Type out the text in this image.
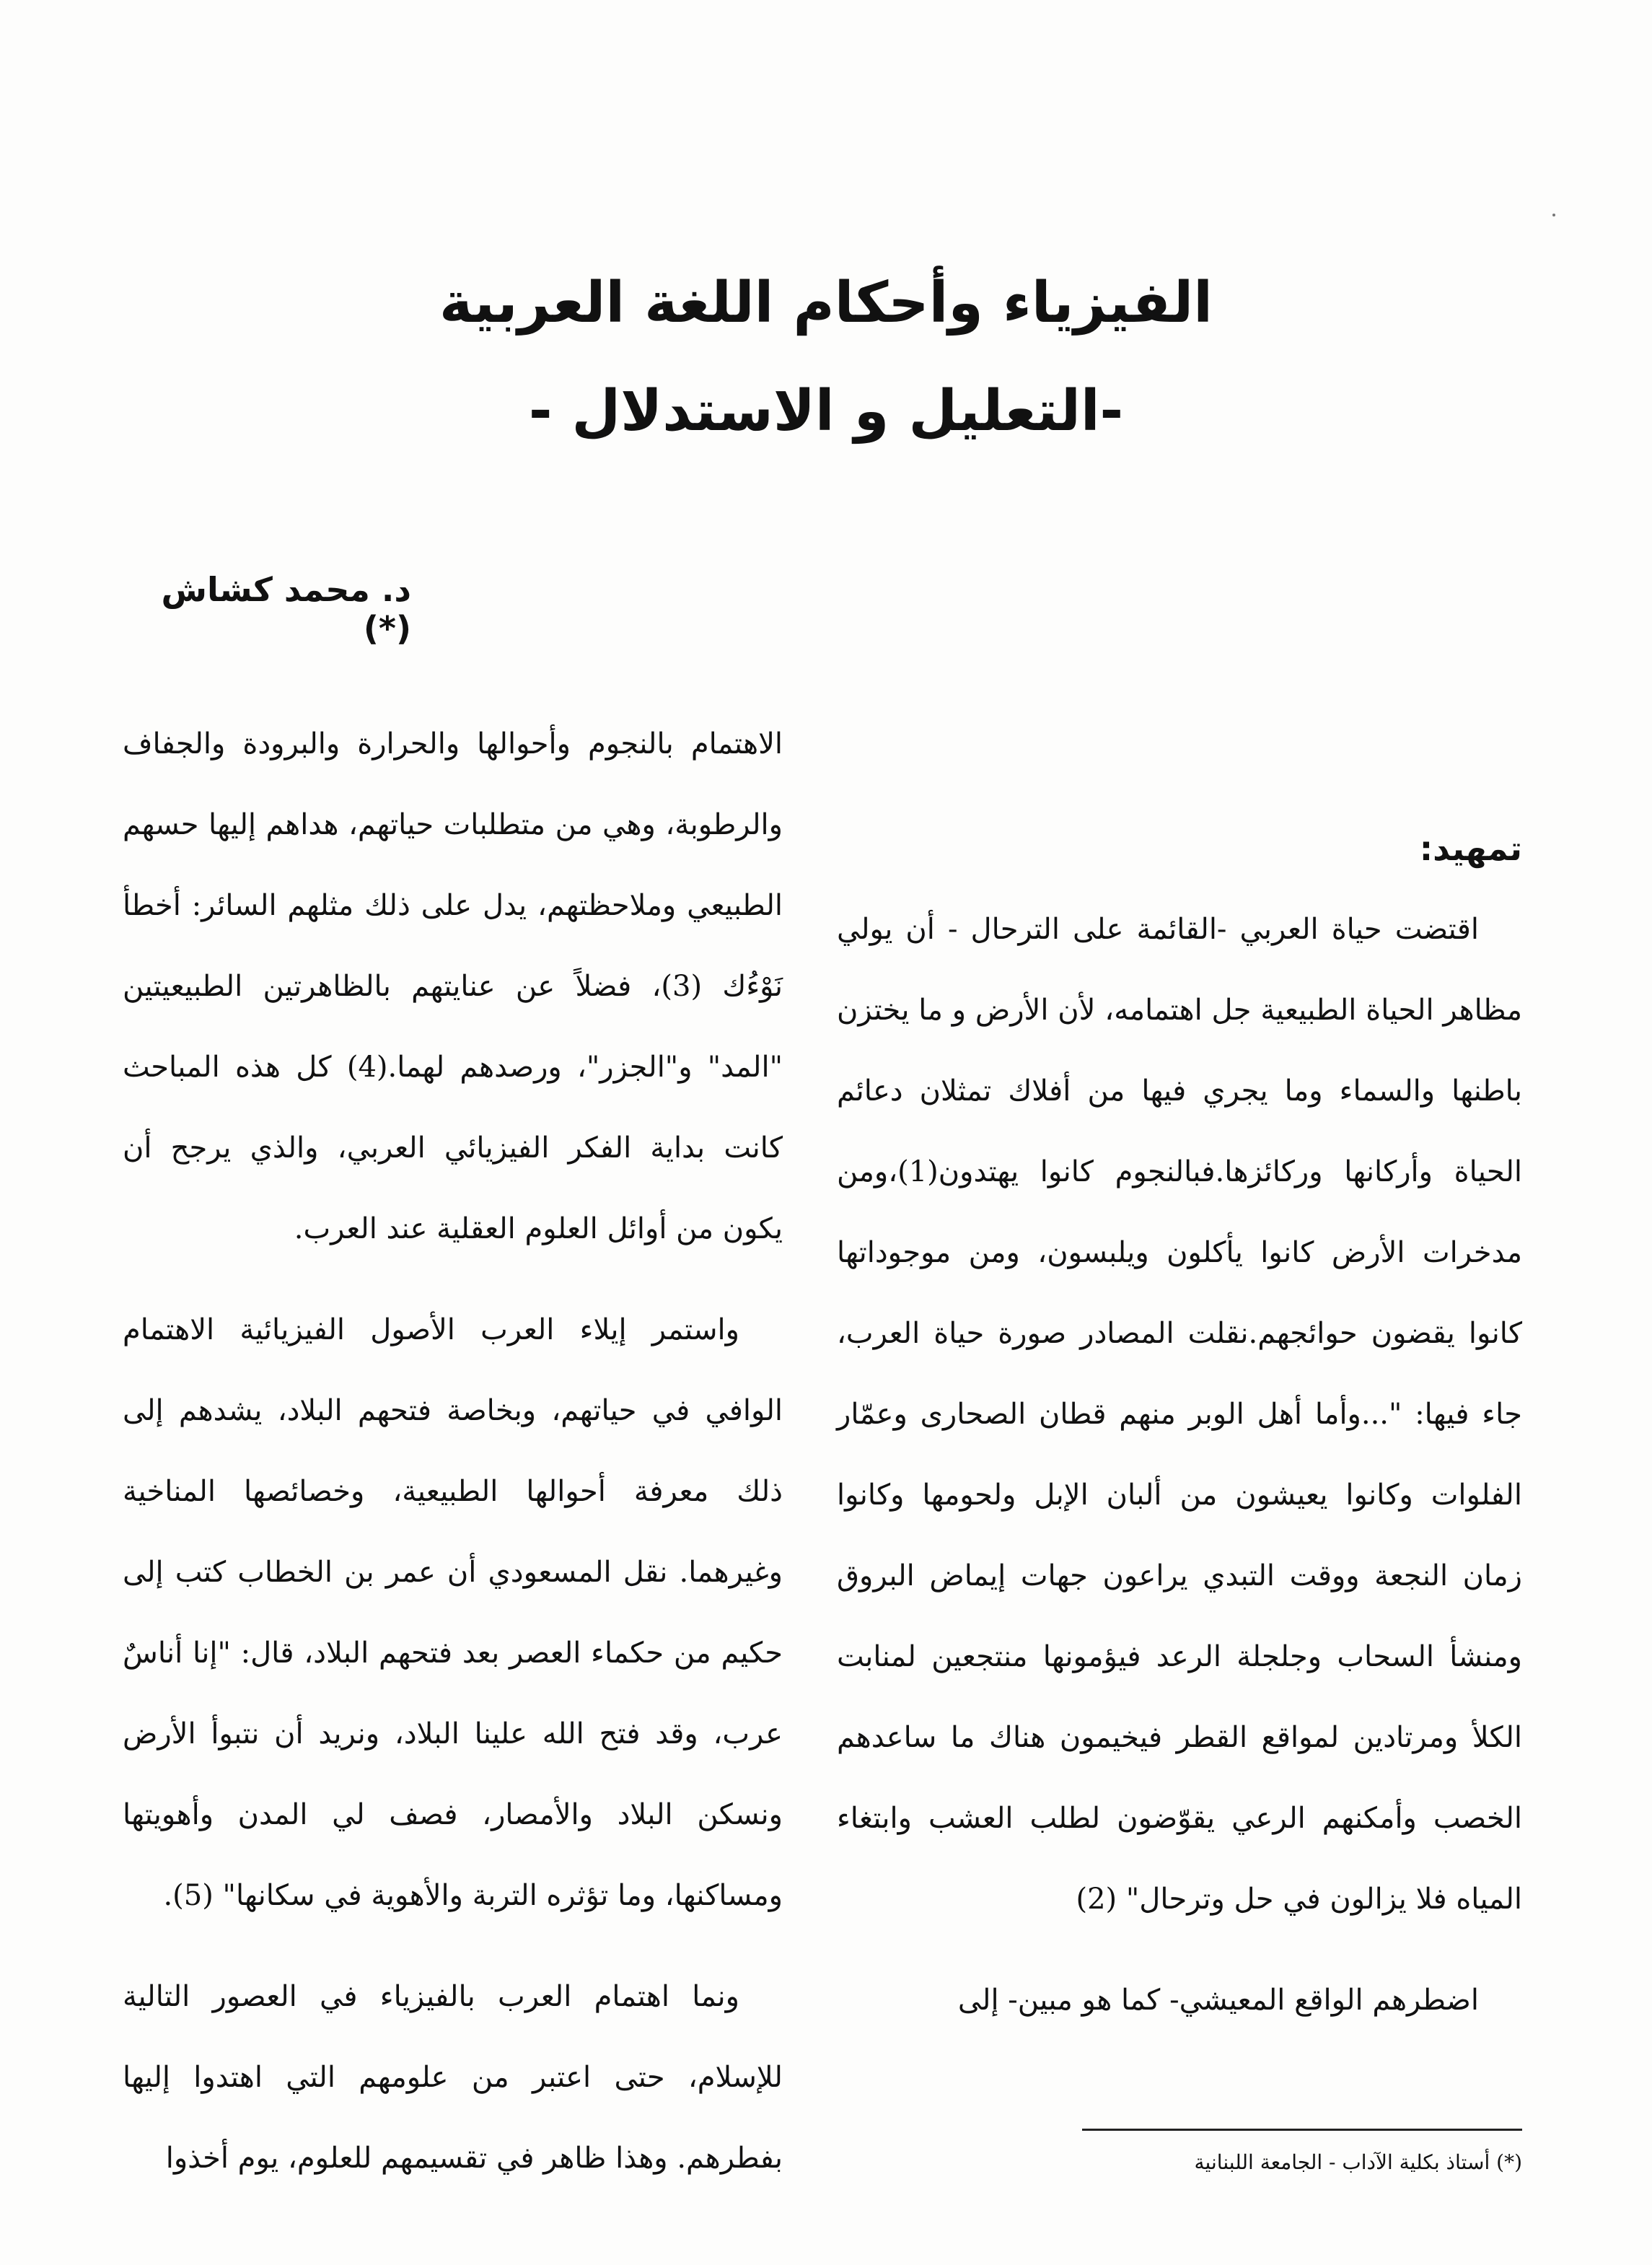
الفيزياء وأحكام اللغة العربية
-التعليل و الاستدلال -
د. محمد كشاش (*)

تمهيد:

اقتضت حياة العربي -القائمة على الترحال - أن يولي مظاهر الحياة الطبيعية جل اهتمامه، لأن الأرض و ما يختزن باطنها والسماء وما يجري فيها من أفلاك تمثلان دعائم الحياة وأركانها وركائزها.فبالنجوم كانوا يهتدون(1)،ومن مدخرات الأرض كانوا يأكلون ويلبسون، ومن موجوداتها كانوا يقضون حوائجهم.نقلت المصادر صورة حياة العرب، جاء فيها: "...وأما أهل الوبر منهم قطان الصحارى وعمّار الفلوات وكانوا يعيشون من ألبان الإبل ولحومها وكانوا زمان النجعة ووقت التبدي يراعون جهات إيماض البروق ومنشأ السحاب وجلجلة الرعد فيؤمونها منتجعين لمنابت الكلأ ومرتادين لمواقع القطر فيخيمون هناك ما ساعدهم الخصب وأمكنهم الرعي يقوّضون لطلب العشب وابتغاء المياه فلا يزالون في حل وترحال" (2)

اضطرهم الواقع المعيشي- كما هو مبين- إلى

الاهتمام بالنجوم وأحوالها والحرارة والبرودة والجفاف والرطوبة، وهي من متطلبات حياتهم، هداهم إليها حسهم الطبيعي وملاحظتهم، يدل على ذلك مثلهم السائر: أخطأ نَوْءُك (3)، فضلاً عن عنايتهم بالظاهرتين الطبيعيتين "المد" و"الجزر"، ورصدهم لهما.(4) كل هذه المباحث كانت بداية الفكر الفيزيائي العربي، والذي يرجح أن يكون من أوائل العلوم العقلية عند العرب.

واستمر إيلاء العرب الأصول الفيزيائية الاهتمام الوافي في حياتهم، وبخاصة فتحهم البلاد، يشدهم إلى ذلك معرفة أحوالها الطبيعية، وخصائصها المناخية وغيرهما. نقل المسعودي أن عمر بن الخطاب كتب إلى حكيم من حكماء العصر بعد فتحهم البلاد، قال: "إنا أناسٌ عرب، وقد فتح الله علينا البلاد، ونريد أن نتبوأ الأرض ونسكن البلاد والأمصار، فصف لي المدن وأهويتها ومساكنها، وما تؤثره التربة والأهوية في سكانها" (5).

ونما اهتمام العرب بالفيزياء في العصور التالية للإسلام، حتى اعتبر من علومهم التي اهتدوا إليها بفطرهم. وهذا ظاهر في تقسيمهم للعلوم، يوم أخذوا	(*) أستاذ بكلية الآداب - الجامعة اللبنانية
